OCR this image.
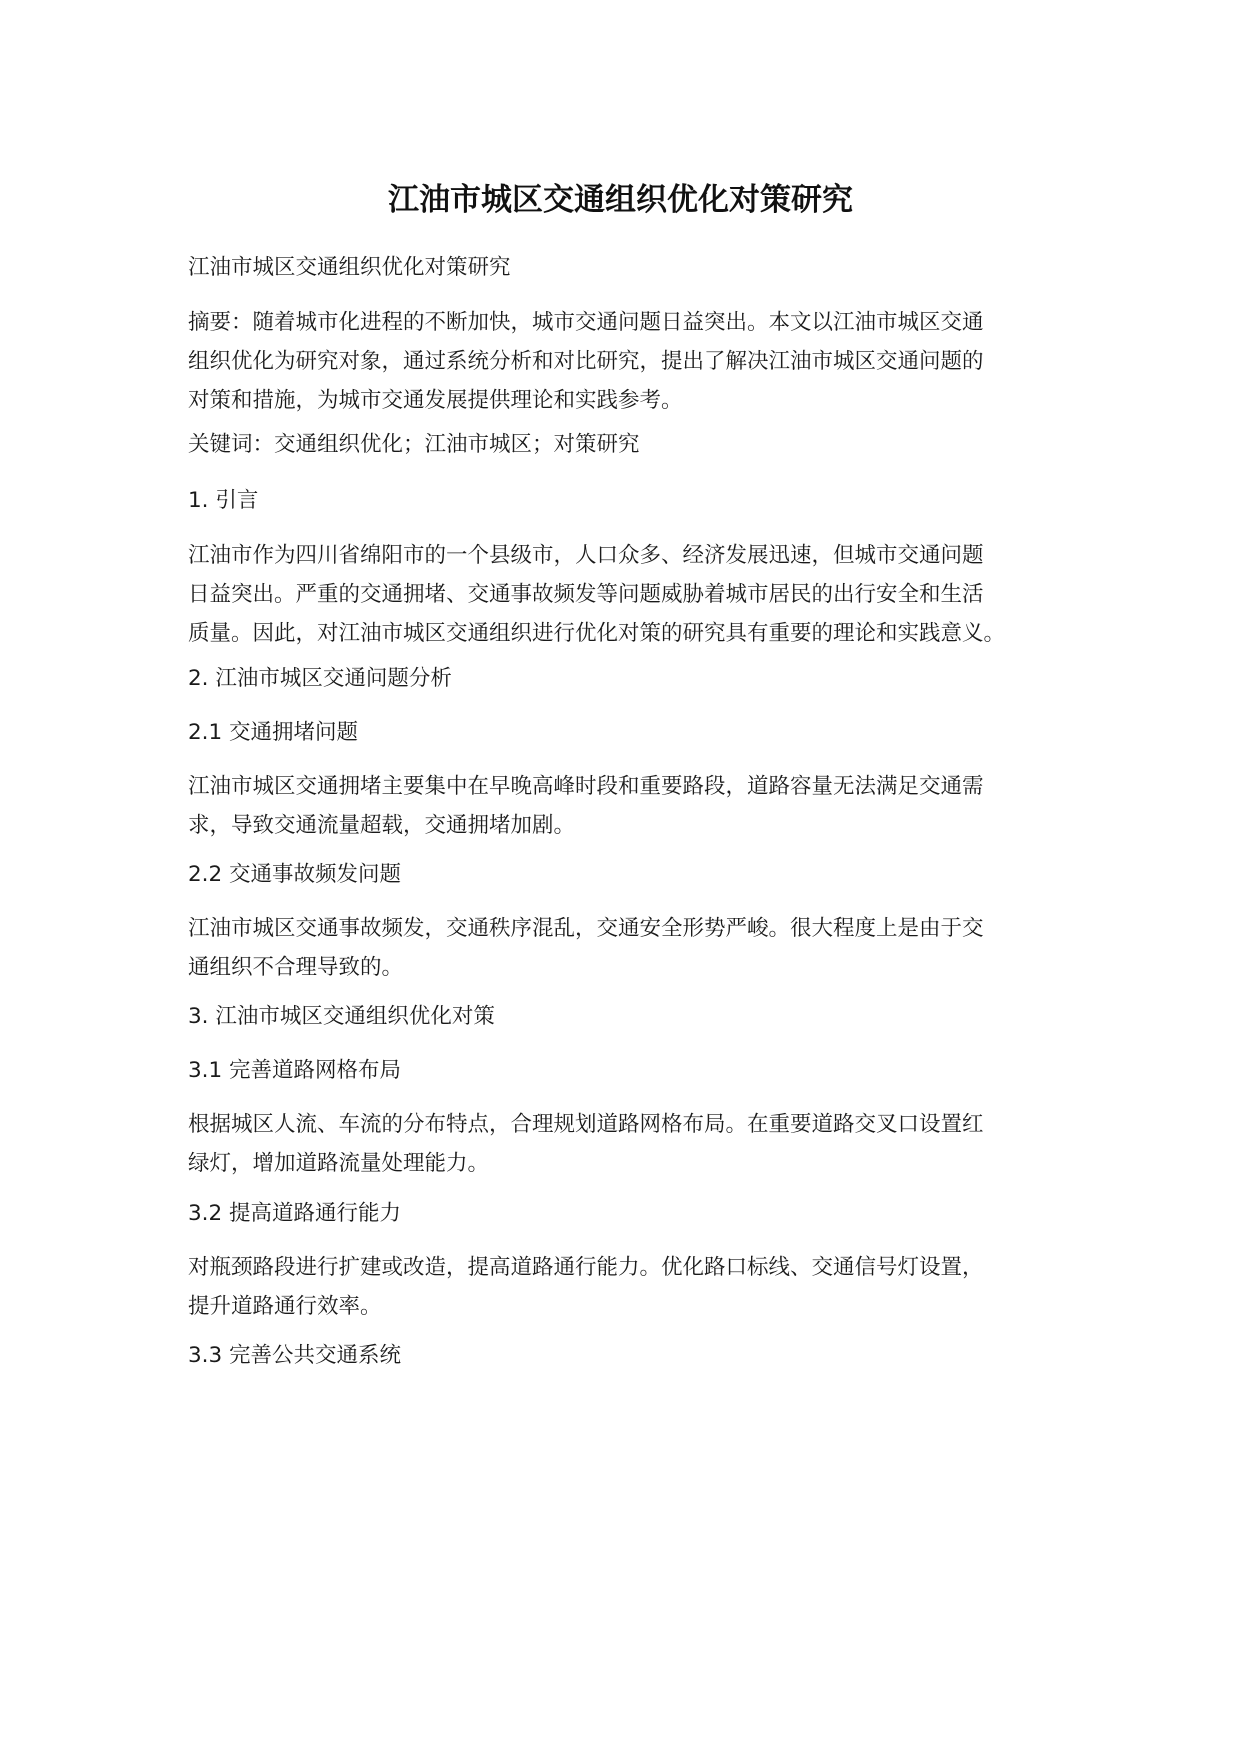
江油市城区交通组织优化对策研究
江油市城区交通组织优化对策研究
摘要：随着城市化进程的不断加快，城市交通问题日益突出。本文以江油市城区交通
组织优化为研究对象，通过系统分析和对比研究，提出了解决江油市城区交通问题的
对策和措施，为城市交通发展提供理论和实践参考。
关键词：交通组织优化；江油市城区；对策研究
1. 引言
江油市作为四川省绵阳市的一个县级市，人口众多、经济发展迅速，但城市交通问题
日益突出。严重的交通拥堵、交通事故频发等问题威胁着城市居民的出行安全和生活
质量。因此，对江油市城区交通组织进行优化对策的研究具有重要的理论和实践意义。
2. 江油市城区交通问题分析
2.1 交通拥堵问题
江油市城区交通拥堵主要集中在早晚高峰时段和重要路段，道路容量无法满足交通需
求，导致交通流量超载，交通拥堵加剧。
2.2 交通事故频发问题
江油市城区交通事故频发，交通秩序混乱，交通安全形势严峻。很大程度上是由于交
通组织不合理导致的。
3. 江油市城区交通组织优化对策
3.1 完善道路网格布局
根据城区人流、车流的分布特点，合理规划道路网格布局。在重要道路交叉口设置红
绿灯，增加道路流量处理能力。
3.2 提高道路通行能力
对瓶颈路段进行扩建或改造，提高道路通行能力。优化路口标线、交通信号灯设置，
提升道路通行效率。
3.3 完善公共交通系统
